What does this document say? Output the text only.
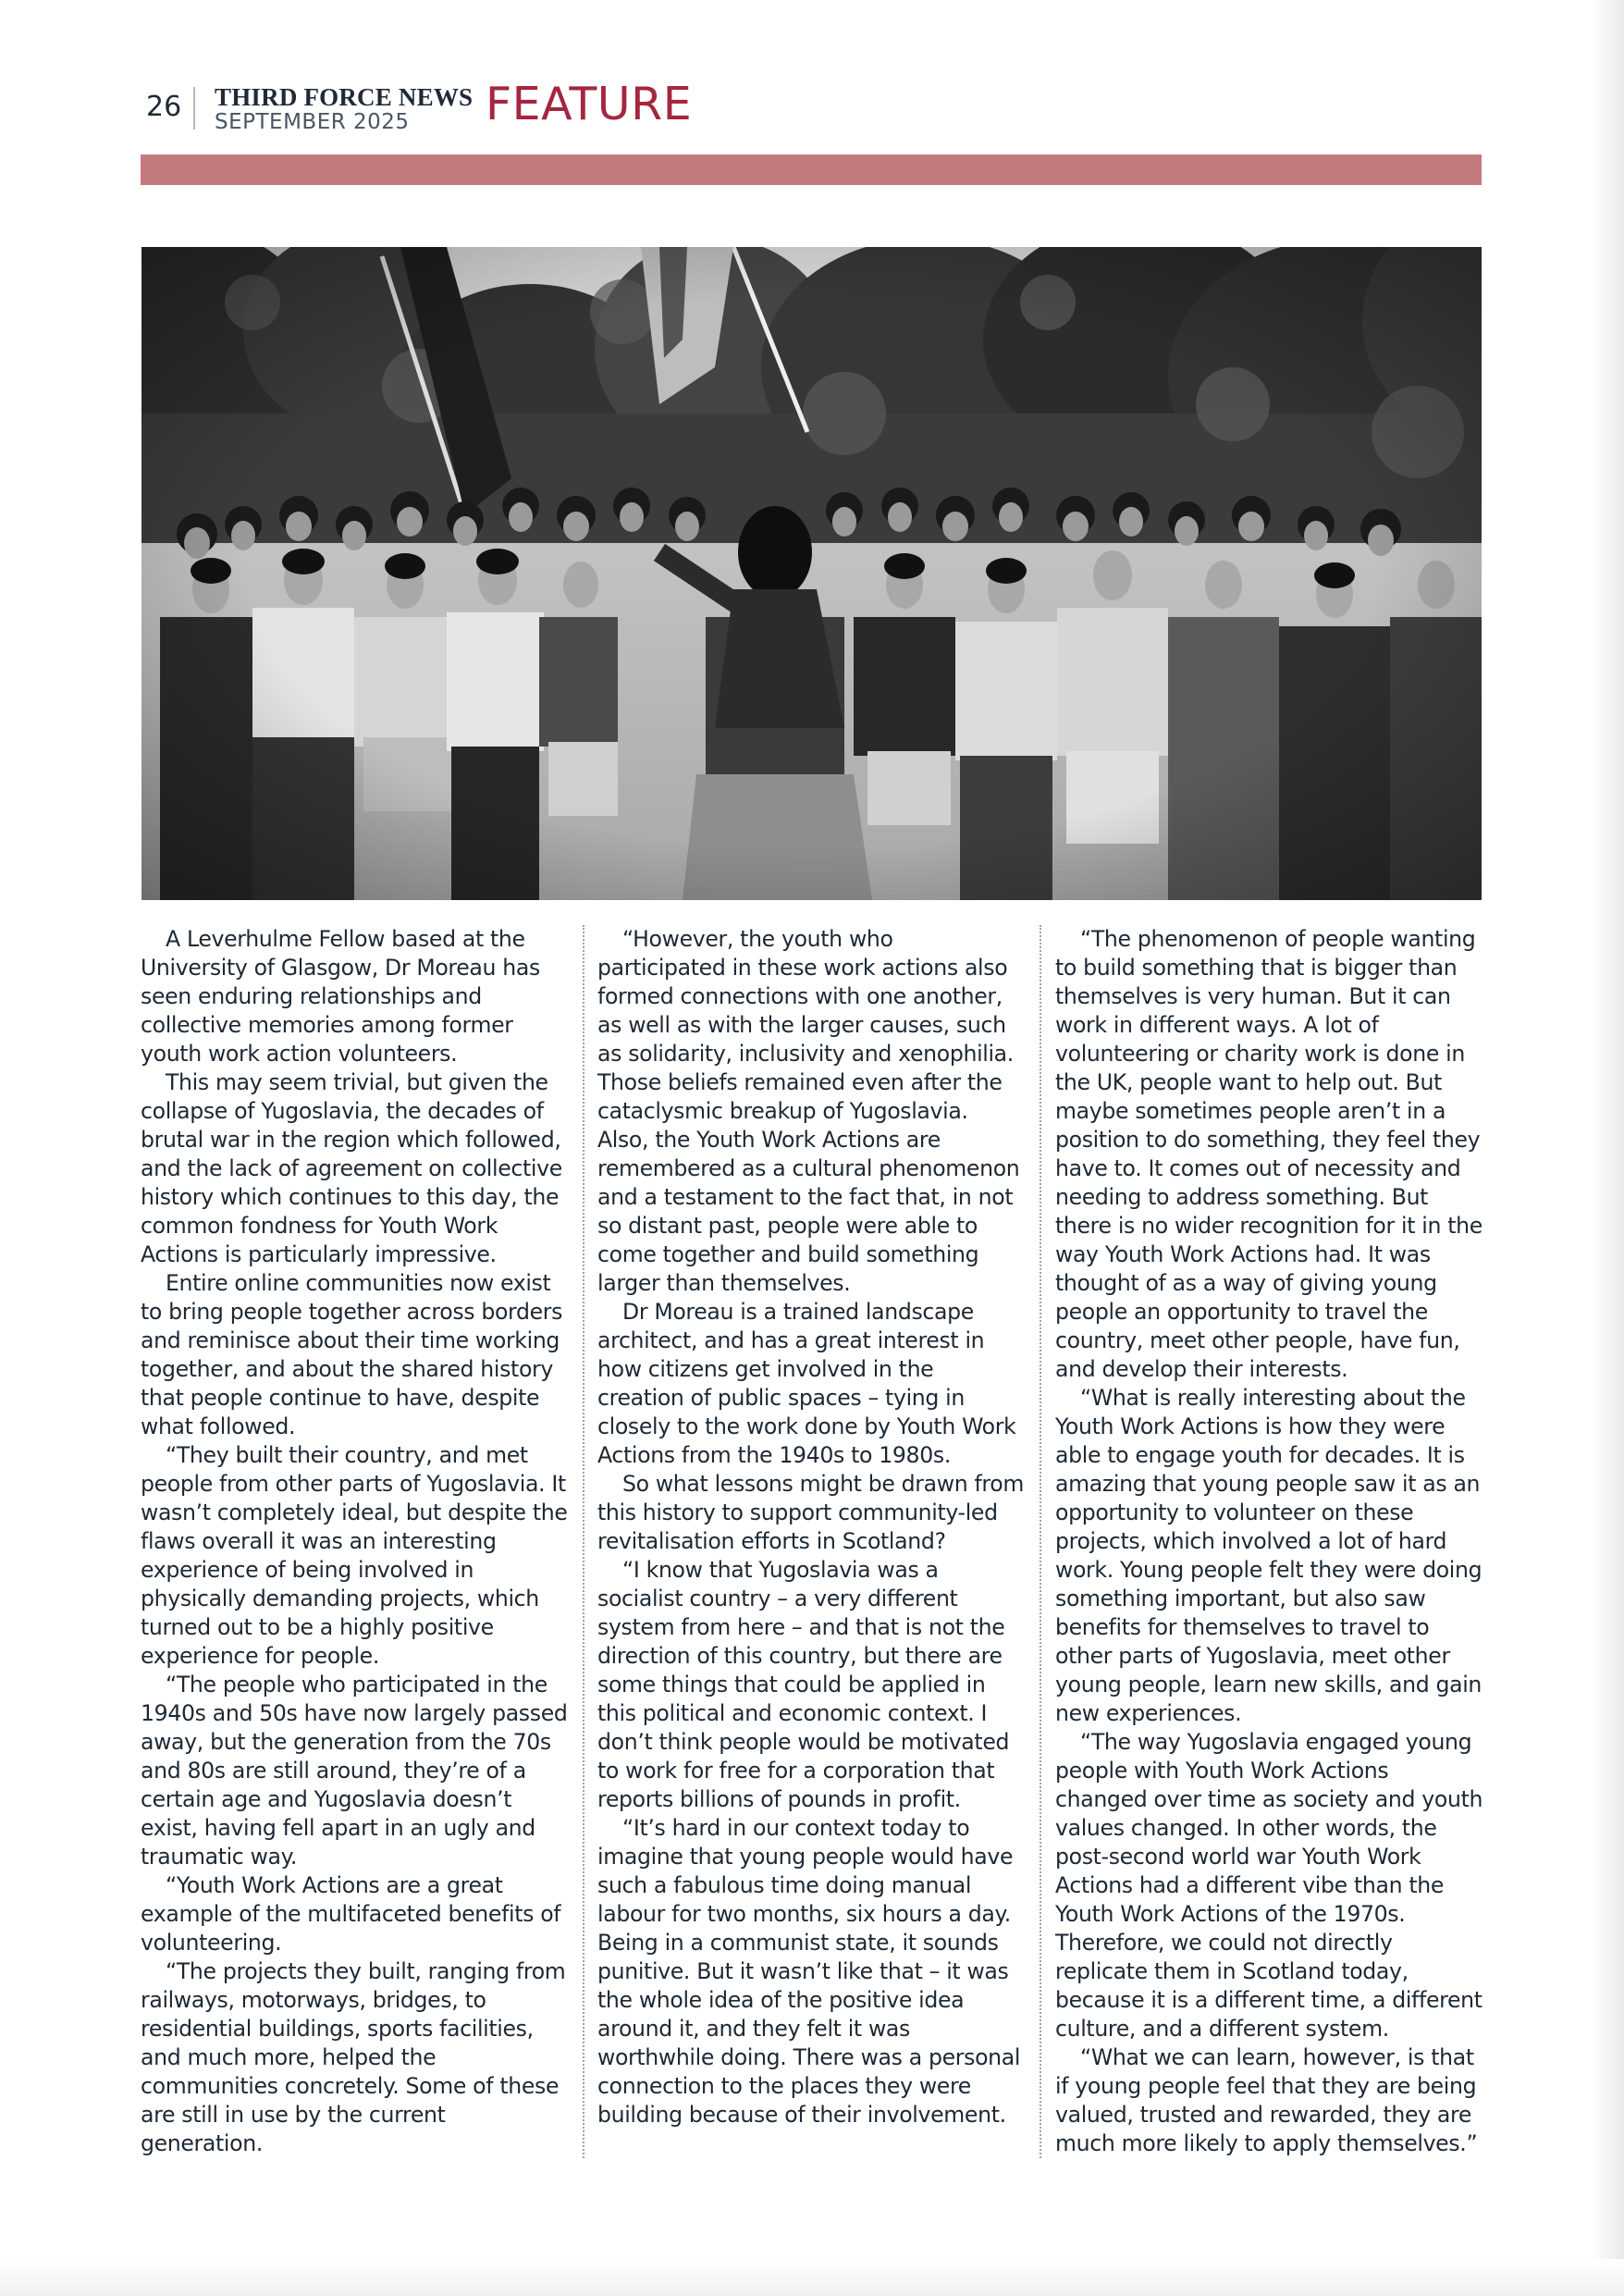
26 THIRD FORCE NEWS
SEPTEMBER 2025 FEATURE

A Leverhulme Fellow based at the University of Glasgow, Dr Moreau has seen enduring relationships and collective memories among former youth work action volunteers.

This may seem trivial, but given the collapse of Yugoslavia, the decades of brutal war in the region which followed, and the lack of agreement on collective history which continues to this day, the common fondness for Youth Work Actions is particularly impressive.

Entire online communities now exist to bring people together across borders and reminisce about their time working together, and about the shared history that people continue to have, despite what followed.

“They built their country, and met people from other parts of Yugoslavia. It wasn’t completely ideal, but despite the flaws overall it was an interesting experience of being involved in physically demanding projects, which turned out to be a highly positive experience for people.

“The people who participated in the 1940s and 50s have now largely passed away, but the generation from the 70s and 80s are still around, they’re of a certain age and Yugoslavia doesn’t exist, having fell apart in an ugly and traumatic way.

“Youth Work Actions are a great example of the multifaceted benefits of volunteering.

“The projects they built, ranging from railways, motorways, bridges, to residential buildings, sports facilities, and much more, helped the communities concretely. Some of these are still in use by the current generation.

“However, the youth who participated in these work actions also formed connections with one another, as well as with the larger causes, such as solidarity, inclusivity and xenophilia. Those beliefs remained even after the cataclysmic breakup of Yugoslavia. Also, the Youth Work Actions are remembered as a cultural phenomenon and a testament to the fact that, in not so distant past, people were able to come together and build something larger than themselves.

Dr Moreau is a trained landscape architect, and has a great interest in how citizens get involved in the creation of public spaces – tying in closely to the work done by Youth Work Actions from the 1940s to 1980s.

So what lessons might be drawn from this history to support community-led revitalisation efforts in Scotland?

“I know that Yugoslavia was a socialist country – a very different system from here – and that is not the direction of this country, but there are some things that could be applied in this political and economic context. I don’t think people would be motivated to work for free for a corporation that reports billions of pounds in profit.

“It’s hard in our context today to imagine that young people would have such a fabulous time doing manual labour for two months, six hours a day. Being in a communist state, it sounds punitive. But it wasn’t like that – it was the whole idea of the positive idea around it, and they felt it was worthwhile doing. There was a personal connection to the places they were building because of their involvement.

“The phenomenon of people wanting to build something that is bigger than themselves is very human. But it can work in different ways. A lot of volunteering or charity work is done in the UK, people want to help out. But maybe sometimes people aren’t in a position to do something, they feel they have to. It comes out of necessity and needing to address something. But there is no wider recognition for it in the way Youth Work Actions had. It was thought of as a way of giving young people an opportunity to travel the country, meet other people, have fun, and develop their interests.

“What is really interesting about the Youth Work Actions is how they were able to engage youth for decades. It is amazing that young people saw it as an opportunity to volunteer on these projects, which involved a lot of hard work. Young people felt they were doing something important, but also saw benefits for themselves to travel to other parts of Yugoslavia, meet other young people, learn new skills, and gain new experiences.

“The way Yugoslavia engaged young people with Youth Work Actions changed over time as society and youth values changed. In other words, the post-second world war Youth Work Actions had a different vibe than the Youth Work Actions of the 1970s. Therefore, we could not directly replicate them in Scotland today, because it is a different time, a different culture, and a different system.

“What we can learn, however, is that if young people feel that they are being valued, trusted and rewarded, they are much more likely to apply themselves.”
